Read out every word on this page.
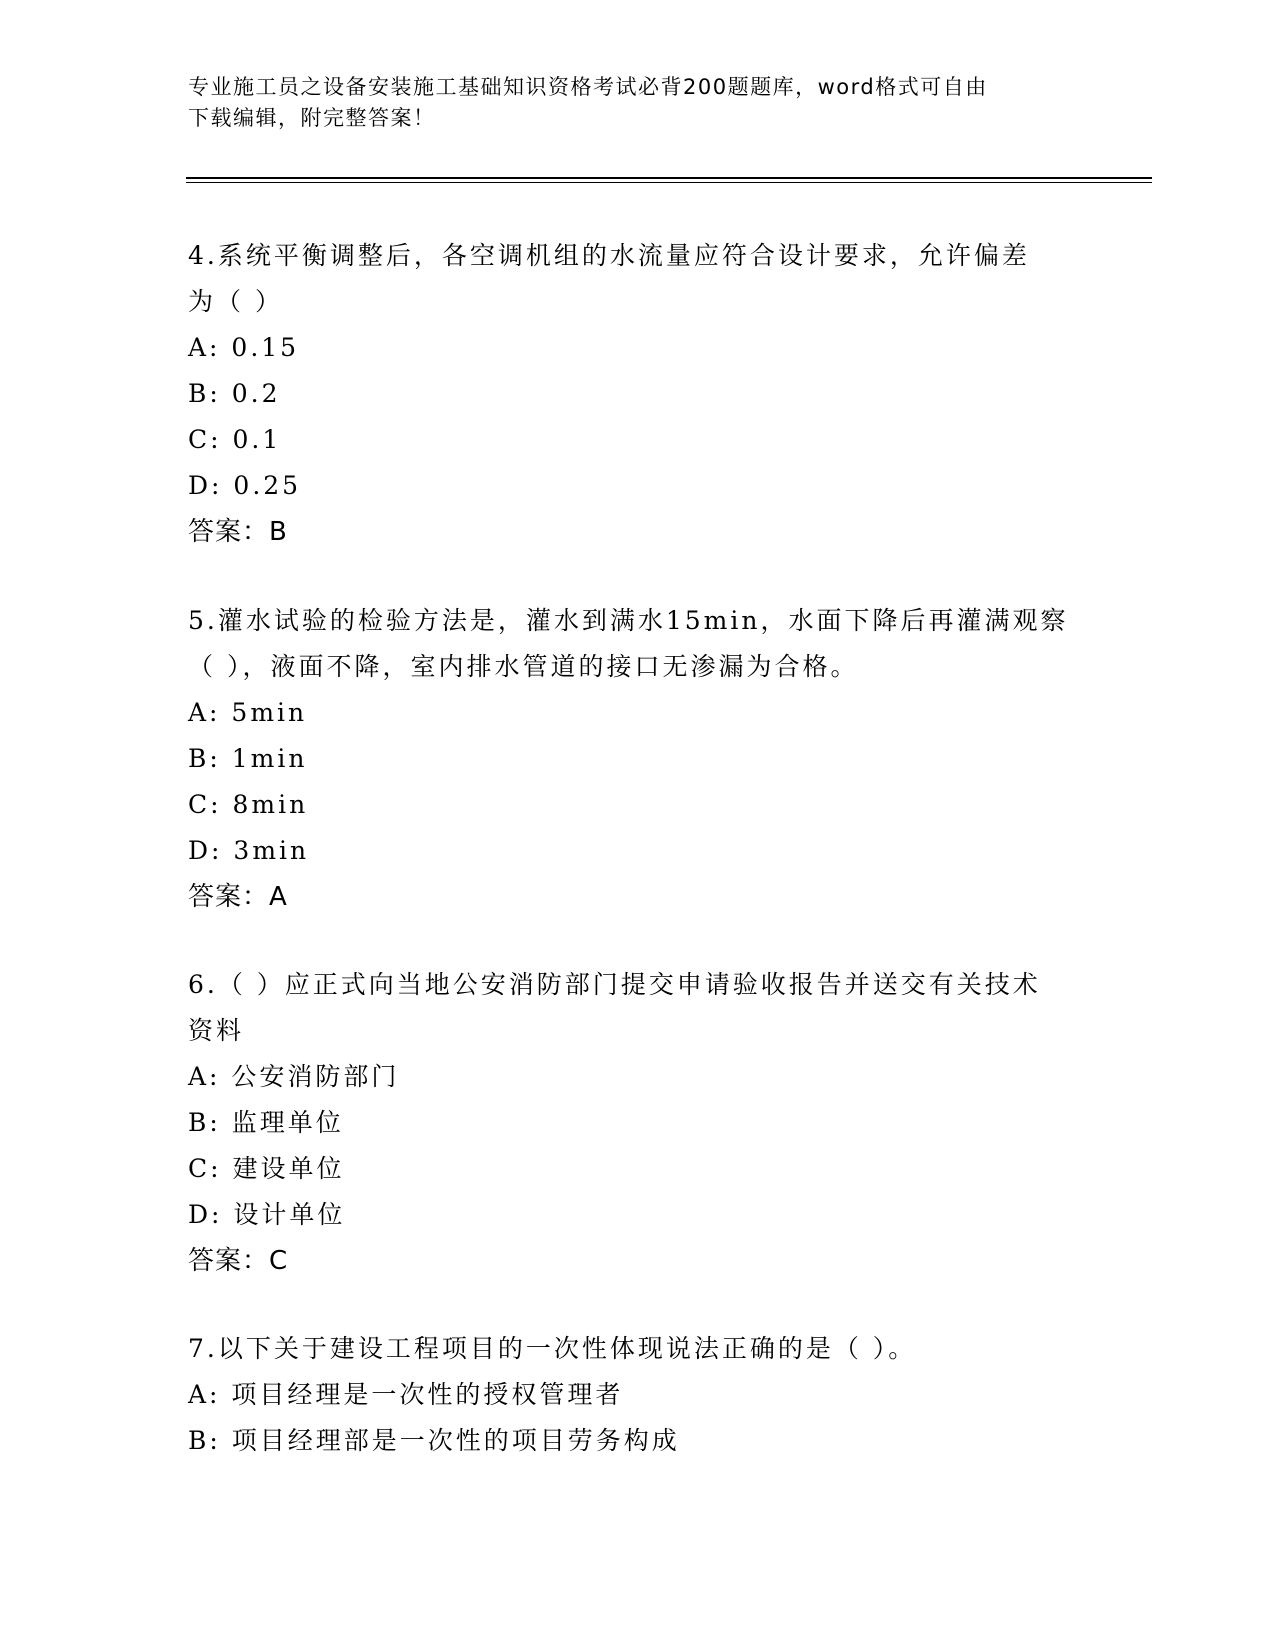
专业施工员之设备安装施工基础知识资格考试必背200题题库，word格式可自由
下载编辑，附完整答案！
4.系统平衡调整后，各空调机组的水流量应符合设计要求，允许偏差
为（ ）
A: 0.15
B: 0.2
C: 0.1
D: 0.25
答案：B
5.灌水试验的检验方法是，灌水到满水15min，水面下降后再灌满观察
（ ），液面不降，室内排水管道的接口无渗漏为合格。
A: 5min
B: 1min
C: 8min
D: 3min
答案：A
6.（ ）应正式向当地公安消防部门提交申请验收报告并送交有关技术
资料
A: 公安消防部门
B: 监理单位
C: 建设单位
D: 设计单位
答案：C
7.以下关于建设工程项目的一次性体现说法正确的是（ ）。
A: 项目经理是一次性的授权管理者
B: 项目经理部是一次性的项目劳务构成
